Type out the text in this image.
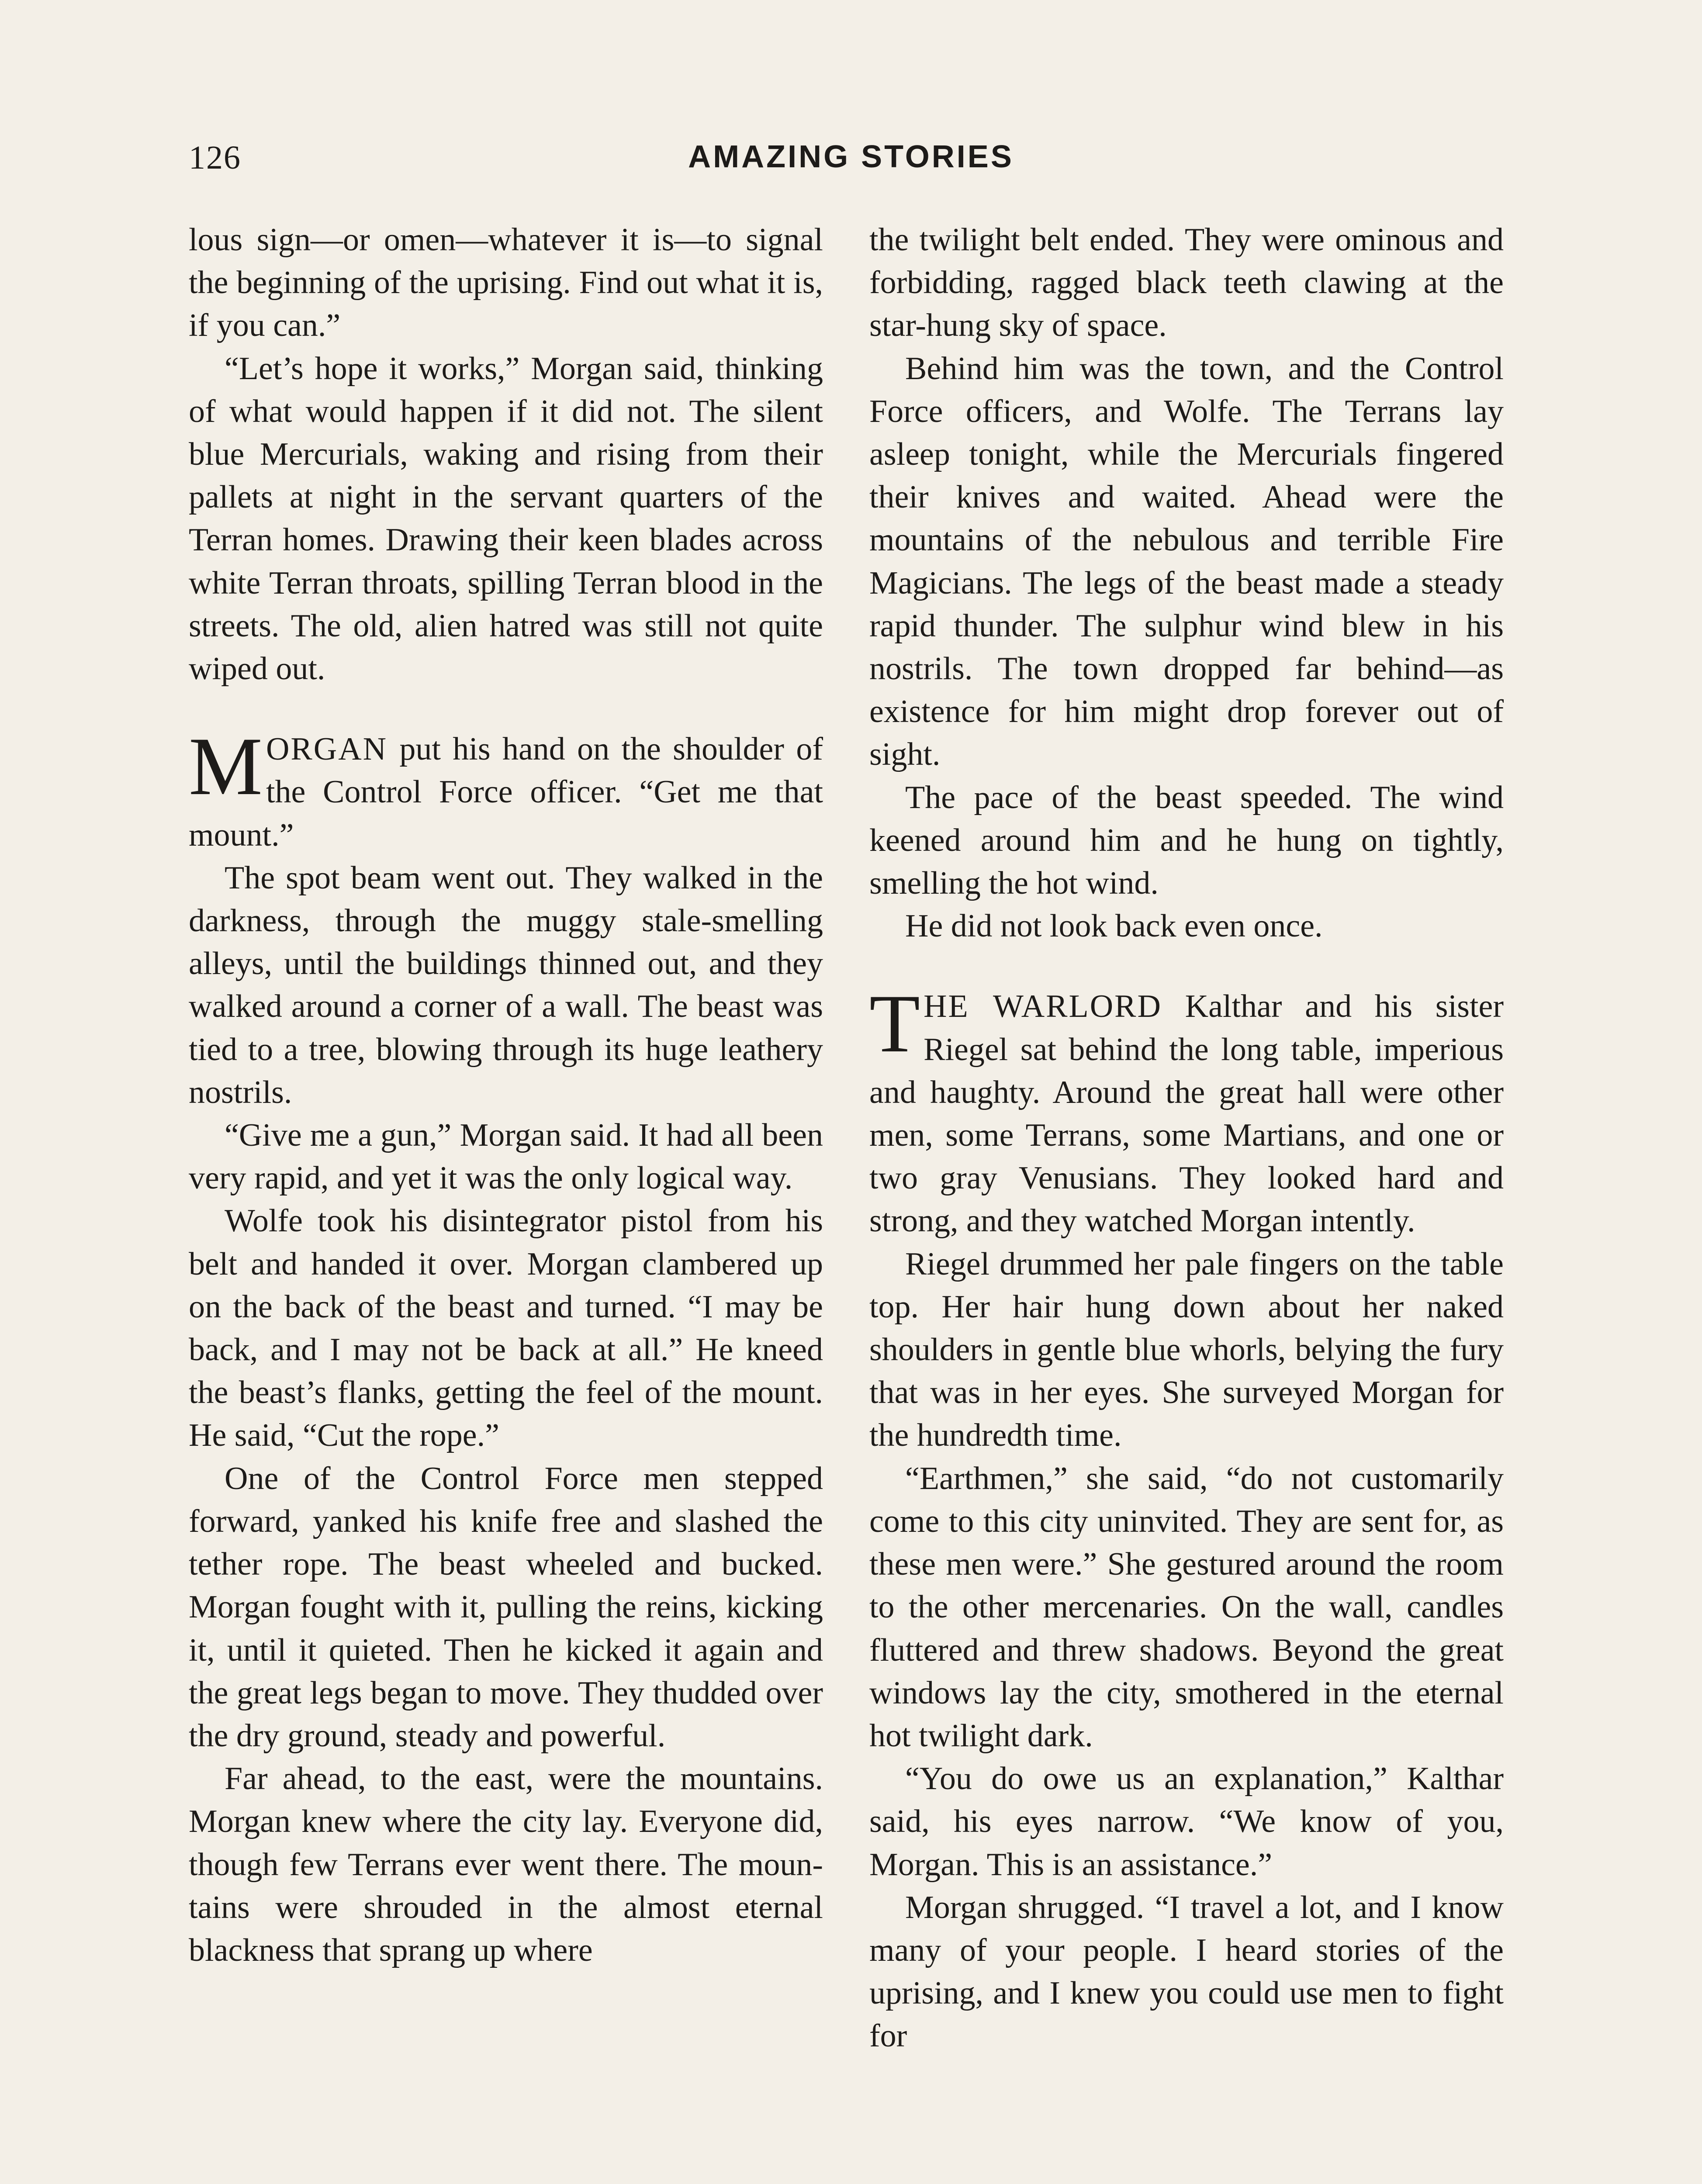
126	AMAZING STORIES

lous sign—or omen—whatever it is—to signal the beginning of the uprising. Find out what it is, if you can.”

“Let’s hope it works,” Morgan said, thinking of what would happen if it did not. The silent blue Mercurials, waking and rising from their pallets at night in the servant quarters of the Terran homes. Drawing their keen blades across white Terran throats, spilling Terran blood in the streets. The old, alien hatred was still not quite wiped out.

MORGAN put his hand on the shoulder of the Control Force officer. “Get me that mount.”

The spot beam went out. They walked in the darkness, through the muggy stale-smelling alleys, until the buildings thinned out, and they walked around a corner of a wall. The beast was tied to a tree, blowing through its huge leathery nostrils.

“Give me a gun,” Morgan said. It had all been very rapid, and yet it was the only logical way.

Wolfe took his disintegrator pistol from his belt and handed it over. Morgan clambered up on the back of the beast and turned. “I may be back, and I may not be back at all.” He kneed the beast’s flanks, getting the feel of the mount. He said, “Cut the rope.”

One of the Control Force men stepped forward, yanked his knife free and slashed the tether rope. The beast wheeled and bucked. Morgan fought with it, pulling the reins, kicking it, until it quieted. Then he kicked it again and the great legs began to move. They thudded over the dry ground, steady and powerful.

Far ahead, to the east, were the mountains. Morgan knew where the city lay. Everyone did, though few Terrans ever went there. The mountains were shrouded in the almost eternal blackness that sprang up where

the twilight belt ended. They were ominous and forbidding, ragged black teeth clawing at the star-hung sky of space.

Behind him was the town, and the Control Force officers, and Wolfe. The Terrans lay asleep tonight, while the Mercurials fingered their knives and waited. Ahead were the mountains of the nebulous and terrible Fire Magicians. The legs of the beast made a steady rapid thunder. The sulphur wind blew in his nostrils. The town dropped far behind—as existence for him might drop forever out of sight.

The pace of the beast speeded. The wind keened around him and he hung on tightly, smelling the hot wind.

He did not look back even once.

THE WARLORD Kalthar and his sister Riegel sat behind the long table, imperious and haughty. Around the great hall were other men, some Terrans, some Martians, and one or two gray Venusians. They looked hard and strong, and they watched Morgan intently.

Riegel drummed her pale fingers on the table top. Her hair hung down about her naked shoulders in gentle blue whorls, belying the fury that was in her eyes. She surveyed Morgan for the hundredth time.

“Earthmen,” she said, “do not customarily come to this city uninvited. They are sent for, as these men were.” She gestured around the room to the other mercenaries. On the wall, candles fluttered and threw shadows. Beyond the great windows lay the city, smothered in the eternal hot twilight dark.

“You do owe us an explanation,” Kalthar said, his eyes narrow. “We know of you, Morgan. This is an assistance.”

Morgan shrugged. “I travel a lot, and I know many of your people. I heard stories of the uprising, and I knew you could use men to fight for
